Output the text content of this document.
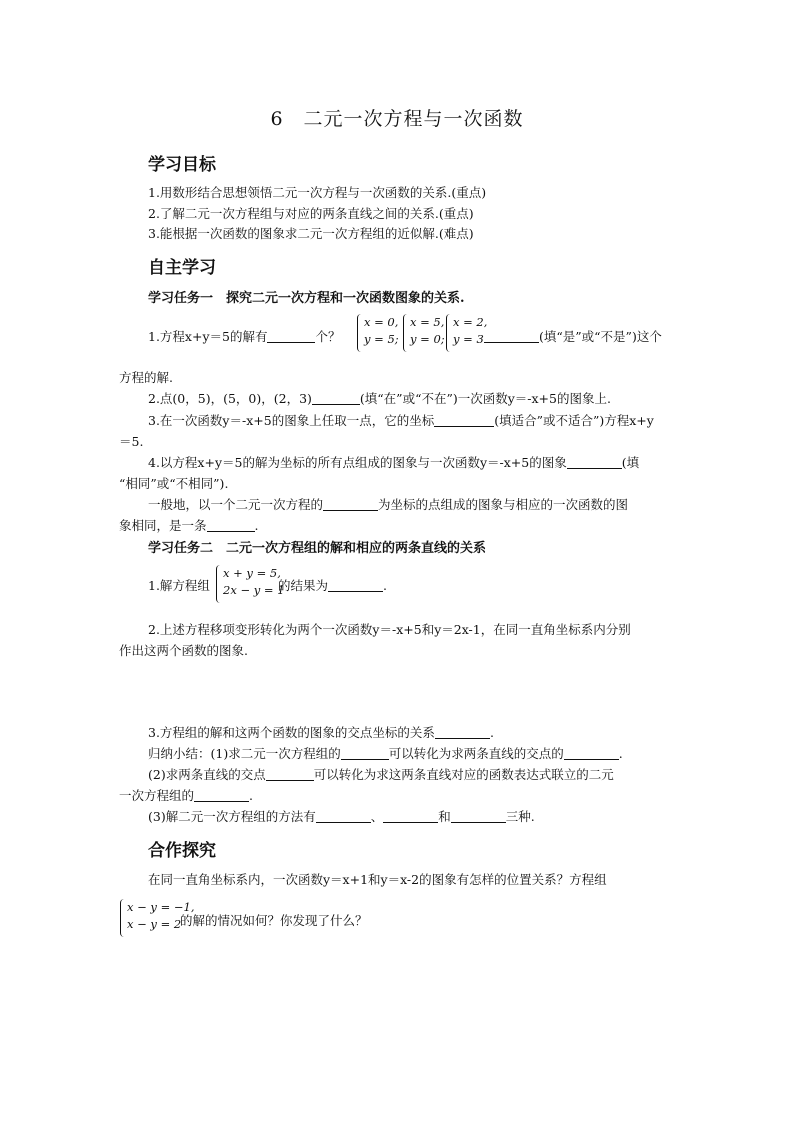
6　二元一次方程与一次函数
学习目标
1.用数形结合思想领悟二元一次方程与一次函数的关系.(重点)
2.了解二元一次方程组与对应的两条直线之间的关系.(重点)
3.能根据一次函数的图象求二元一次方程组的近似解.(难点)
自主学习
学习任务一　探究二元一次方程和一次函数图象的关系.
1.方程x+y＝5的解有	个？
x = 0,
y = 5;
x = 5,
y = 0;
x = 2,
y = 3	(填“是”或“不是”)这个
方程的解.
2.点(0，5)，(5，0)，(2，3)	(填“在”或“不在”)一次函数y＝-x+5的图象上.
3.在一次函数y＝-x+5的图象上任取一点，它的坐标	(填适合”或不适合”)方程x+y
＝5.
4.以方程x+y＝5的解为坐标的所有点组成的图象与一次函数y＝-x+5的图象	(填
“相同”或“不相同”).
一般地，以一个二元一次方程的	为坐标的点组成的图象与相应的一次函数的图
象相同，是一条	.
学习任务二　二元一次方程组的解和相应的两条直线的关系
1.解方程组
x + y = 5,
2x − y = 1
的结果为	.
2.上述方程移项变形转化为两个一次函数y＝-x+5和y＝2x-1，在同一直角坐标系内分别
作出这两个函数的图象.
3.方程组的解和这两个函数的图象的交点坐标的关系	.
归纳小结：(1)求二元一次方程组的	可以转化为求两条直线的交点的	.
(2)求两条直线的交点	可以转化为求这两条直线对应的函数表达式联立的二元
一次方程组的	.
(3)解二元一次方程组的方法有	、	和	三种.
合作探究
在同一直角坐标系内，一次函数y＝x+1和y＝x-2的图象有怎样的位置关系？方程组
x − y = −1,
x − y = 2
的解的情况如何？你发现了什么？
